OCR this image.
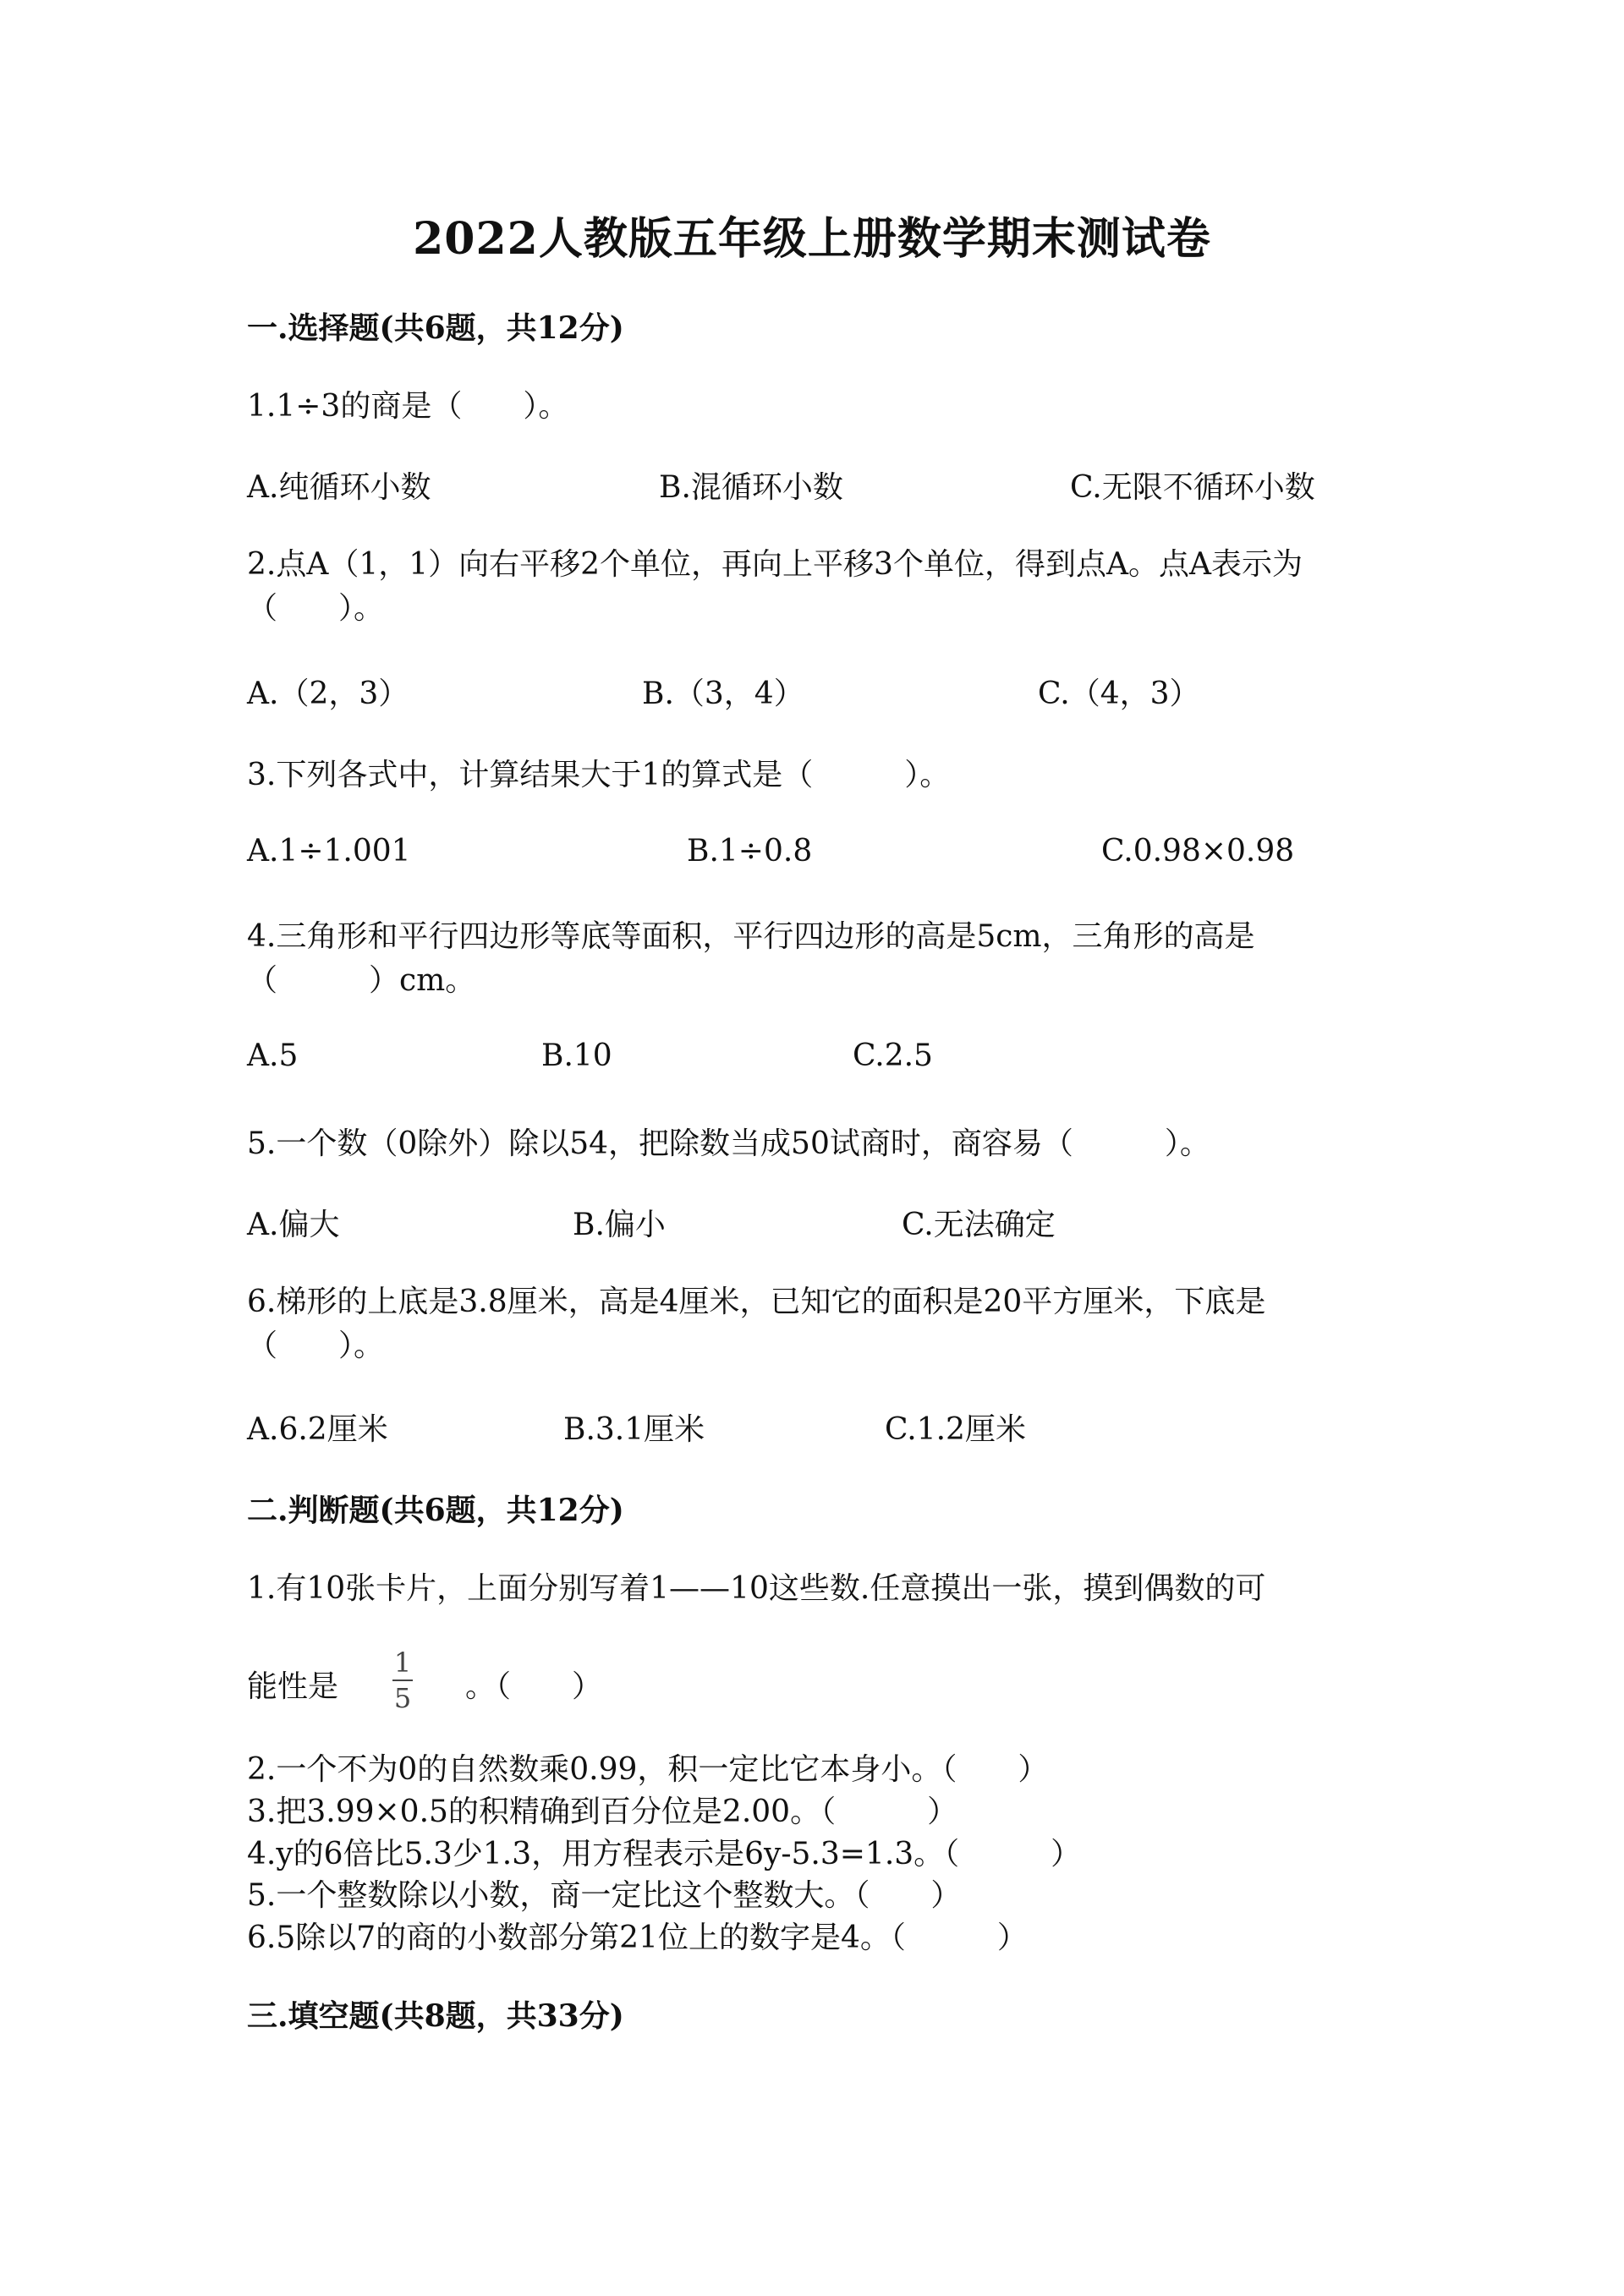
2022人教版五年级上册数学期末测试卷
一.选择题(共6题，共12分)
1.1÷3的商是（　　）。
A.纯循环小数	B.混循环小数	C.无限不循环小数
2.点A（1，1）向右平移2个单位，再向上平移3个单位，得到点A。点A表示为（　　）。
A.（2，3）	B.（3，4）	C.（4，3）
3.下列各式中，计算结果大于1的算式是（　　　）。
A.1÷1.001	B.1÷0.8	C.0.98×0.98
4.三角形和平行四边形等底等面积，平行四边形的高是5cm，三角形的高是（　　　）cm。
A.5	B.10	C.2.5
5.一个数（0除外）除以54，把除数当成50试商时，商容易（　　　）。
A.偏大	B.偏小	C.无法确定
6.梯形的上底是3.8厘米，高是4厘米，已知它的面积是20平方厘米，下底是（　　）。
A.6.2厘米	B.3.1厘米	C.1.2厘米
二.判断题(共6题，共12分)
1.有10张卡片，上面分别写着1——10这些数.任意摸出一张，摸到偶数的可
能性是
1
5 。（　　）
2.一个不为0的自然数乘0.99，积一定比它本身小。（　　）
3.把3.99×0.5的积精确到百分位是2.00。（　　　）
4.y的6倍比5.3少1.3，用方程表示是6y-5.3=1.3。（　　　）
5.一个整数除以小数，商一定比这个整数大。（　　）
6.5除以7的商的小数部分第21位上的数字是4。（　　　）
三.填空题(共8题，共33分)
